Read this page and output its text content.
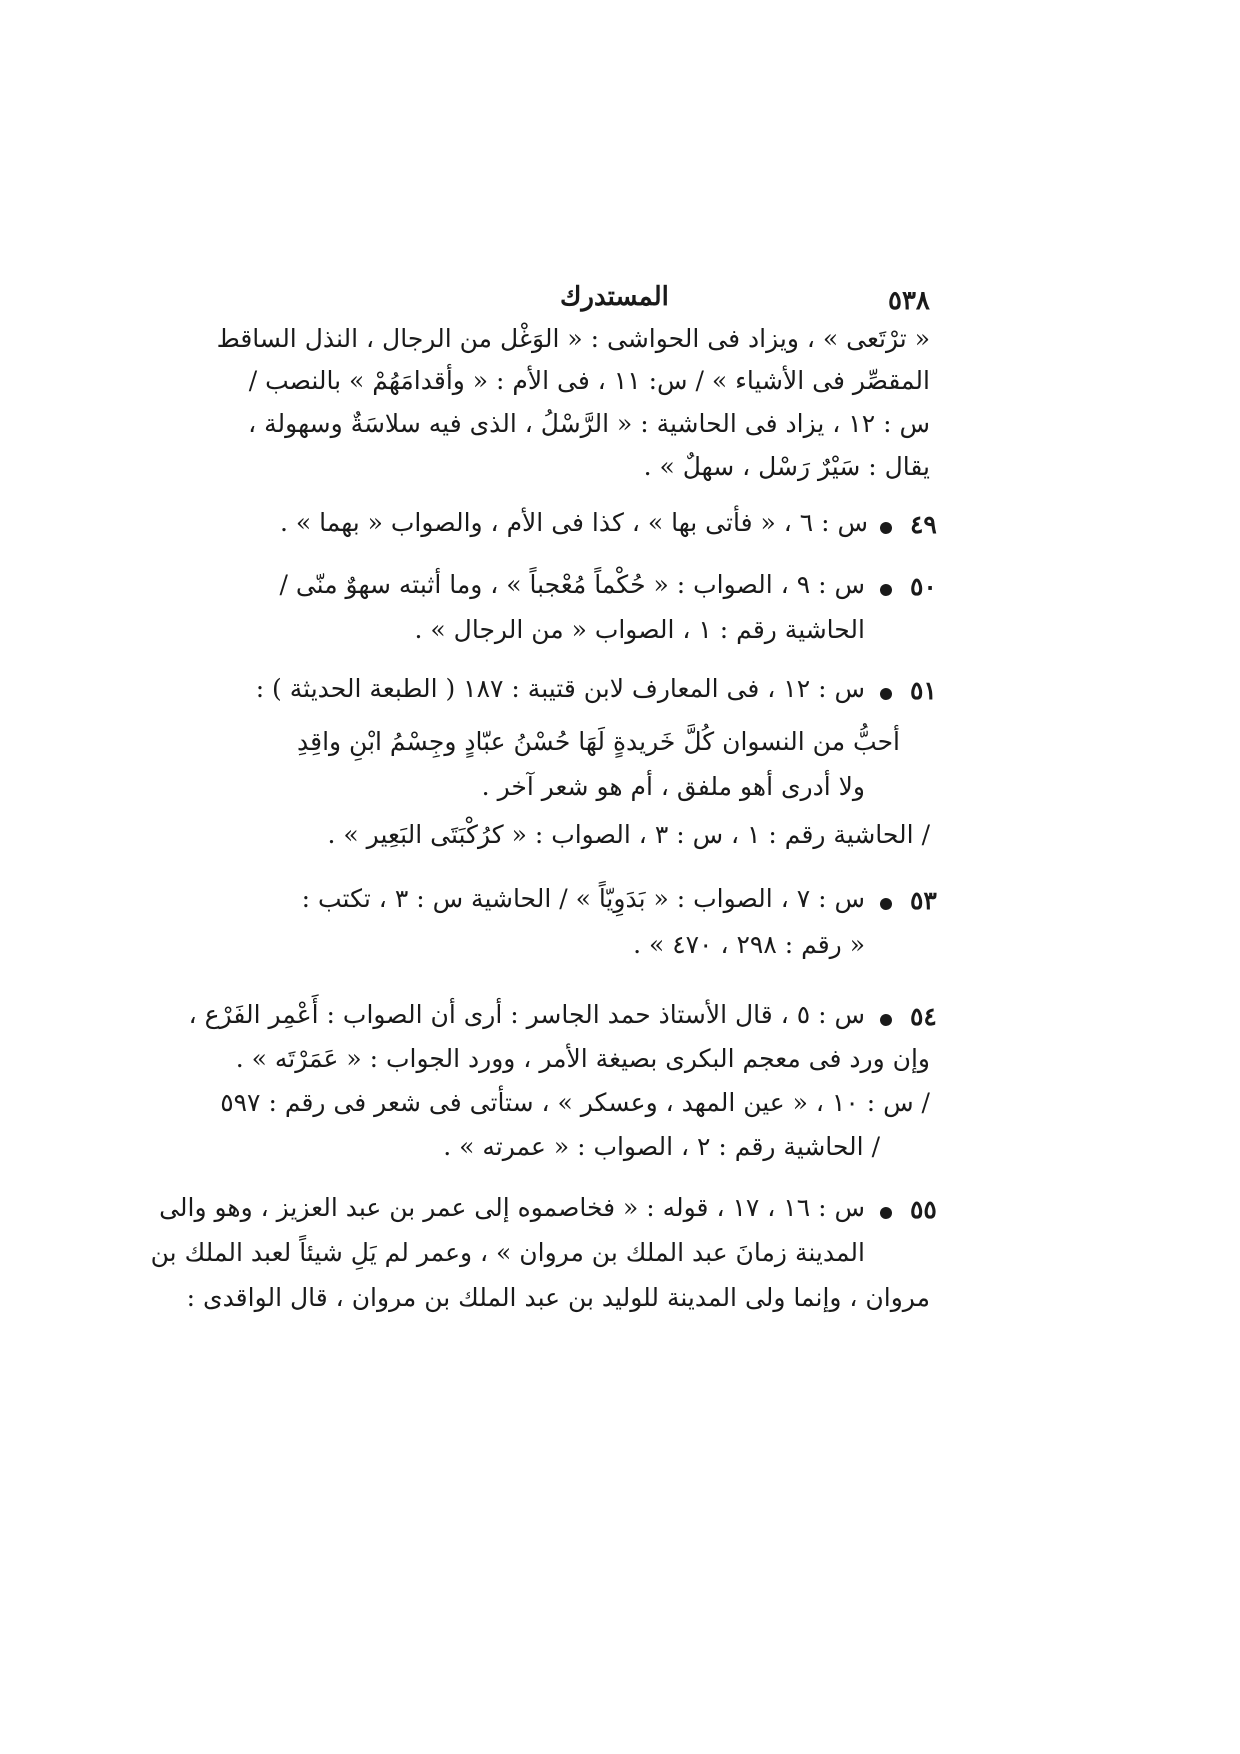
٥٣٨
المستدرك
« ترْتَعى » ، ويزاد فى الحواشى : « الوَغْل من الرجال ، النذل الساقط
المقصِّر فى الأشياء » / س: ١١ ، فى الأم : « وأقدامَهُمْ » بالنصب /
س : ١٢ ، يزاد فى الحاشية : « الرَّسْلُ ، الذى فيه سلاسَةٌ وسهولة ،
يقال : سَيْرٌ رَسْل ، سهلٌ » .
٤٩
س : ٦ ، « فأتى بها » ، كذا فى الأم ، والصواب « بهما » .
٥٠
س : ٩ ، الصواب : « حُكْماً مُعْجباً » ، وما أثبته سهوٌ منّى /
الحاشية رقم : ١ ، الصواب « من الرجال » .
٥١
س : ١٢ ، فى المعارف لابن قتيبة : ١٨٧ ( الطبعة الحديثة ) :
أحبُّ من النسوان كُلَّ خَريدةٍ لَهَا حُسْنُ عبّادٍ وجِسْمُ ابْنِ واقِدِ
ولا أدرى أهو ملفق ، أم هو شعر آخر .
/ الحاشية رقم : ١ ، س : ٣ ، الصواب : « كرُكْبَتَى البَعِير » .
٥٣
س : ٧ ، الصواب : « بَدَوِيّاً » / الحاشية س : ٣ ، تكتب :
« رقم : ٢٩٨ ، ٤٧٠ » .
٥٤
س : ٥ ، قال الأستاذ حمد الجاسر : أرى أن الصواب : أَعْمِر الفَرْع ،
وإن ورد فى معجم البكرى بصيغة الأمر ، وورد الجواب : « عَمَرْتَه » .
/ س : ١٠ ، « عين المهد ، وعسكر » ، ستأتى فى شعر فى رقم : ٥٩٧
/ الحاشية رقم : ٢ ، الصواب : « عمرته » .
٥٥
س : ١٦ ، ١٧ ، قوله : « فخاصموه إلى عمر بن عبد العزيز ، وهو والى
المدينة زمانَ عبد الملك بن مروان » ، وعمر لم يَلِ شيئاً لعبد الملك بن
مروان ، وإنما ولى المدينة للوليد بن عبد الملك بن مروان ، قال الواقدى :
